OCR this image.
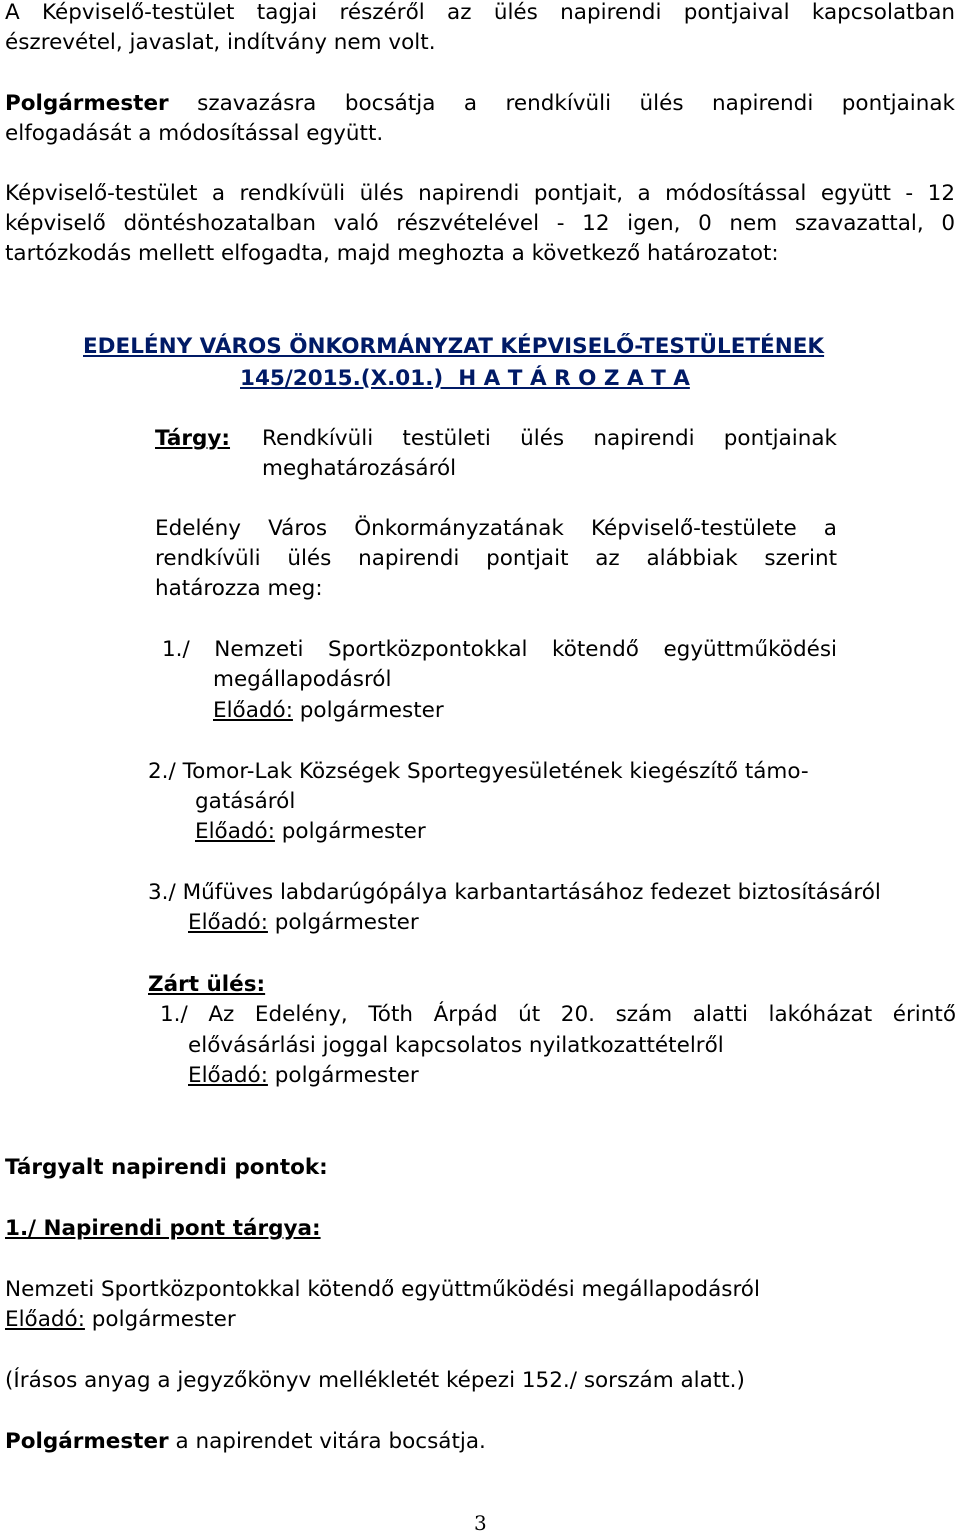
A Képviselő-testület tagjai részéről az ülés napirendi pontjaival kapcsolatban
észrevétel, javaslat, indítvány nem volt.
Polgármester szavazásra bocsátja a rendkívüli ülés napirendi pontjainak
elfogadását a módosítással együtt.
Képviselő-testület a rendkívüli ülés napirendi pontjait, a módosítással együtt - 12
képviselő döntéshozatalban való részvételével - 12 igen, 0 nem szavazattal, 0
tartózkodás mellett elfogadta, majd meghozta a következő határozatot:
EDELÉNY VÁROS ÖNKORMÁNYZAT KÉPVISELŐ-TESTÜLETÉNEK
145/2015.(X.01.)  H A T Á R O Z A T A
Tárgy: Rendkívüli testületi ülés napirendi pontjainak
meghatározásáról
Edelény Város Önkormányzatának Képviselő-testülete a
rendkívüli ülés napirendi pontjait az alábbiak szerint
határozza meg:
1./ Nemzeti Sportközpontokkal kötendő együttműködési
megállapodásról
Előadó: polgármester
2./ Tomor-Lak Községek Sportegyesületének kiegészítő támo-
gatásáról
Előadó: polgármester
3./ Műfüves labdarúgópálya karbantartásához fedezet biztosításáról
Előadó: polgármester
Zárt ülés:
1./ Az Edelény, Tóth Árpád út 20. szám alatti lakóházat érintő
elővásárlási joggal kapcsolatos nyilatkozattételről
Előadó: polgármester
Tárgyalt napirendi pontok:
1./ Napirendi pont tárgya:
Nemzeti Sportközpontokkal kötendő együttműködési megállapodásról
Előadó: polgármester
(Írásos anyag a jegyzőkönyv mellékletét képezi 152./ sorszám alatt.)
Polgármester a napirendet vitára bocsátja.
3
